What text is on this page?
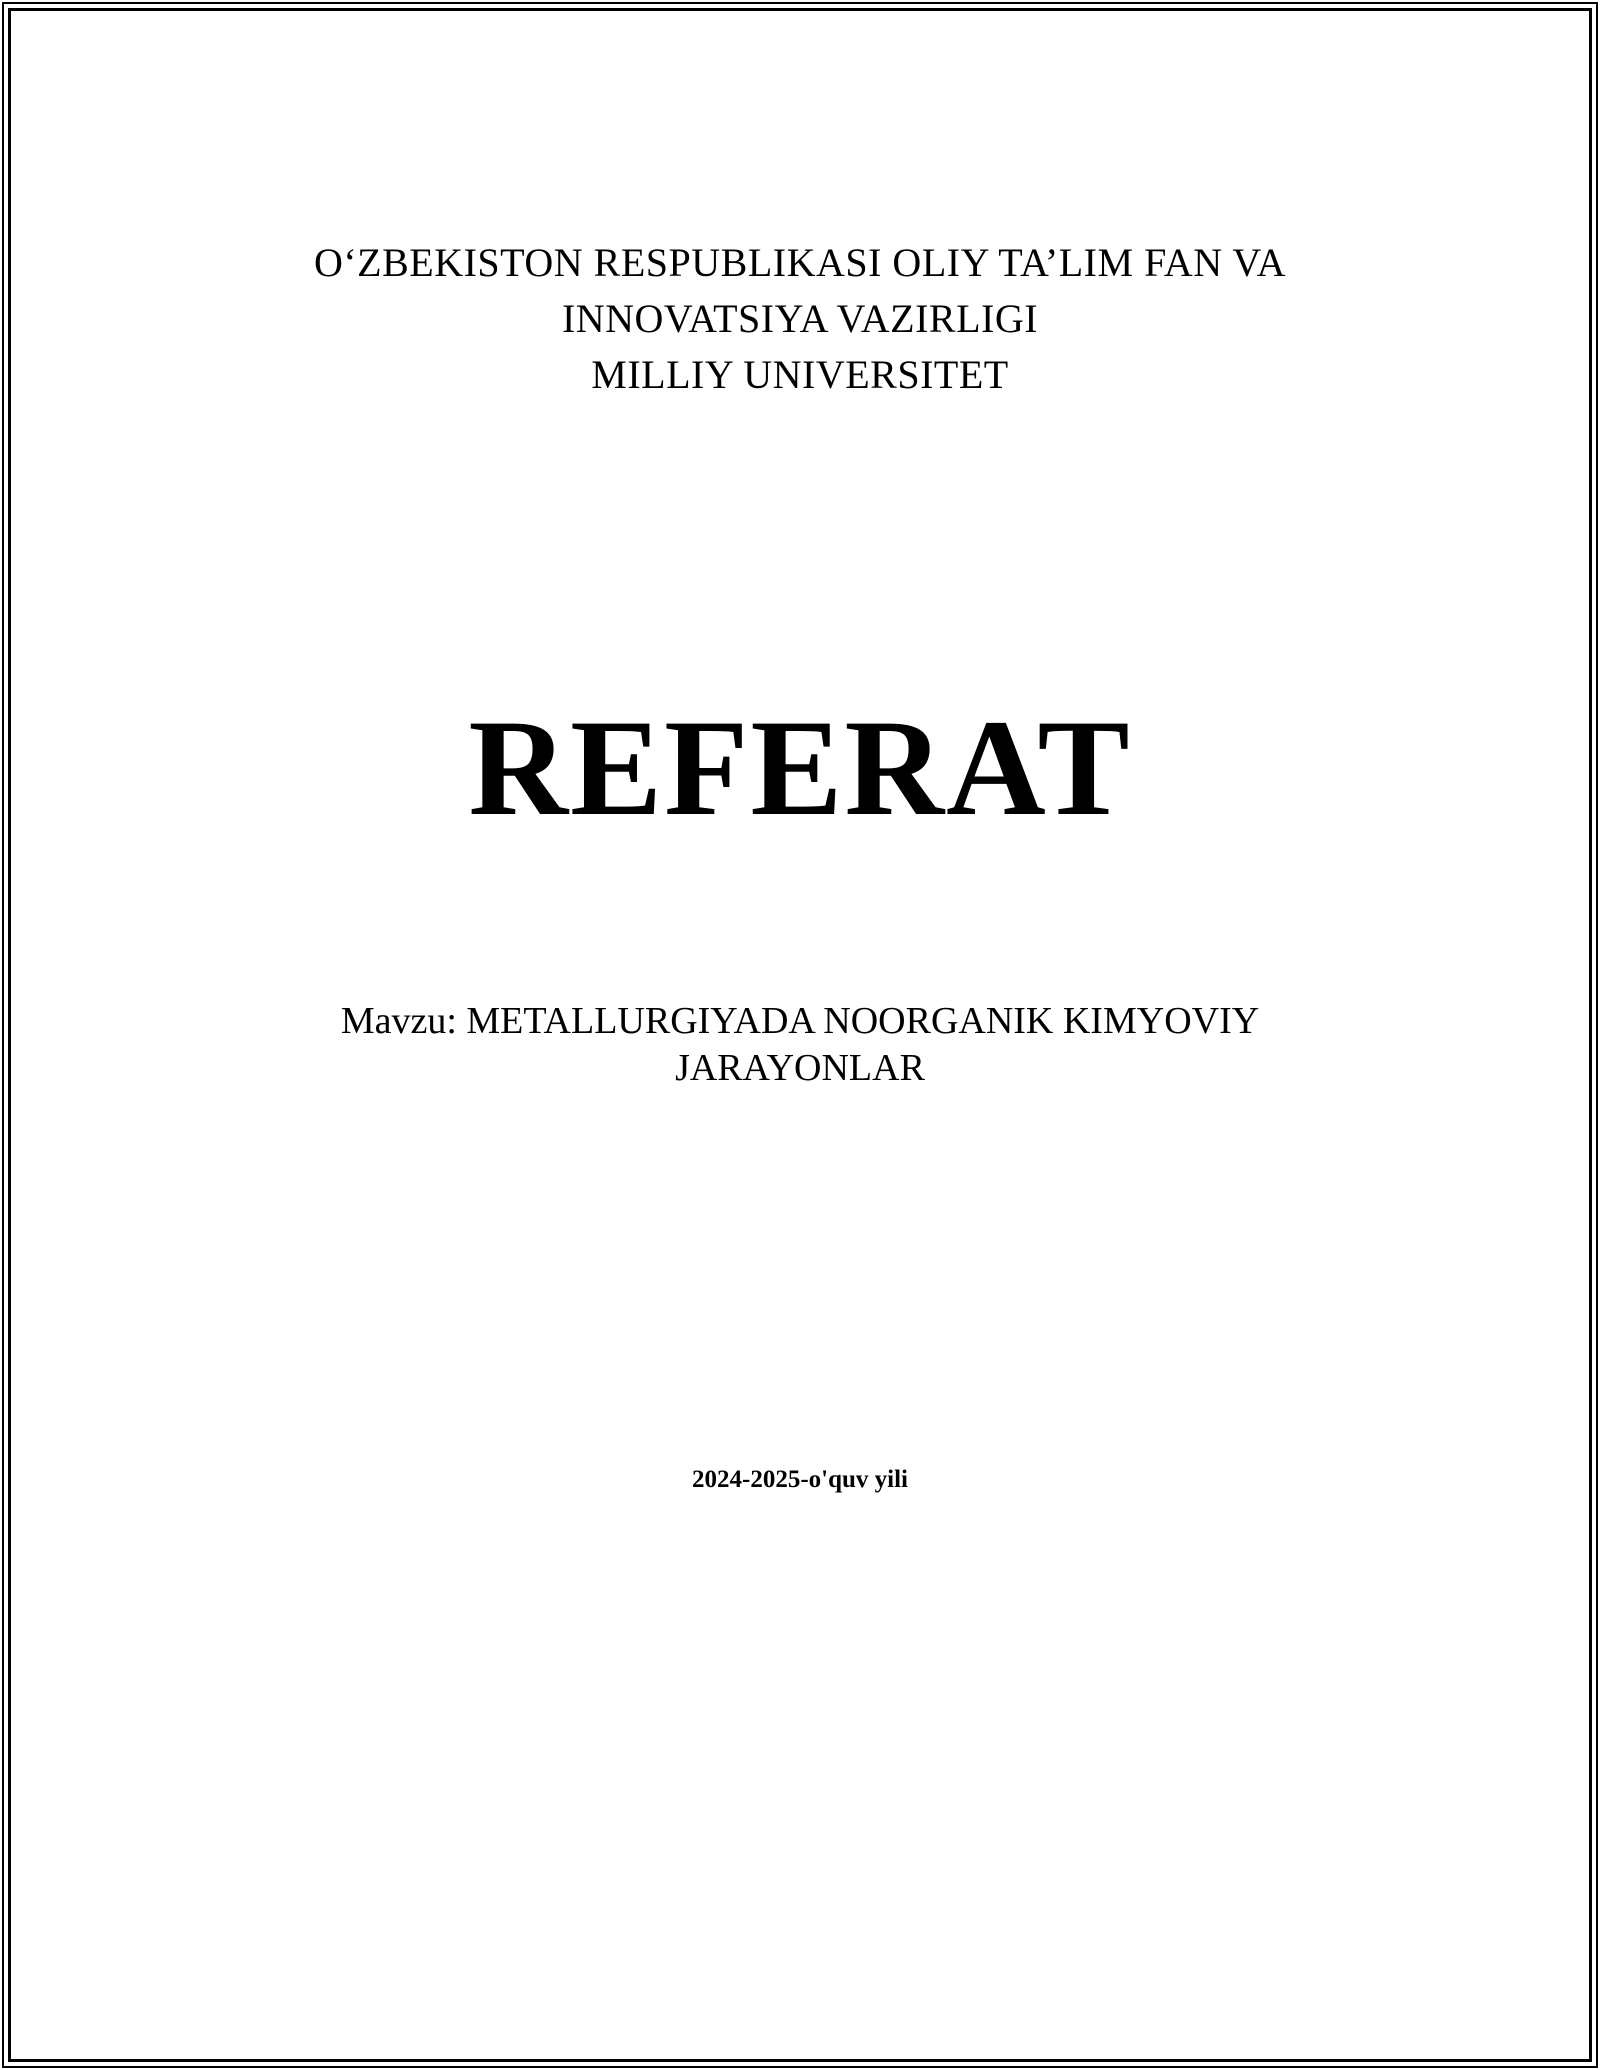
OʻZBEKISTON RESPUBLIKASI OLIY TA’LIM FAN VA
INNOVATSIYA VAZIRLIGI
MILLIY UNIVERSITET
REFERAT
Mavzu: METALLURGIYADA NOORGANIK KIMYOVIY
JARAYONLAR
2024-2025-o'quv yili
